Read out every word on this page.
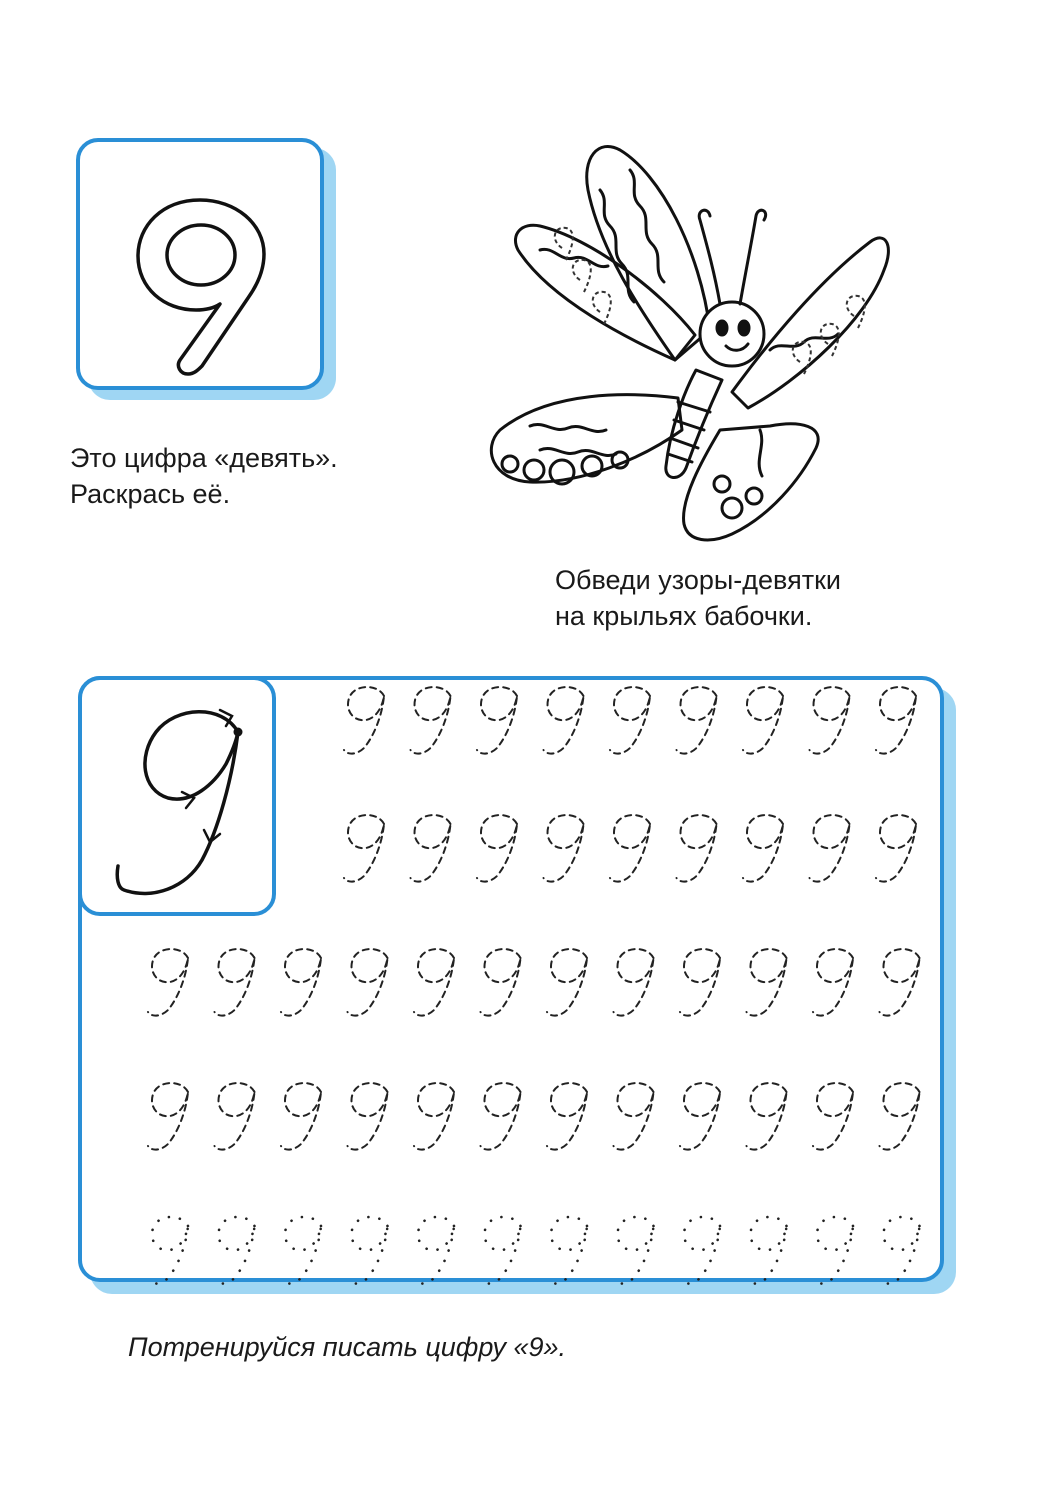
Это цифра «девять».
Раскрась её.
Обведи узоры-девятки
на крыльях бабочки.
Потренируйся писать цифру «9».
